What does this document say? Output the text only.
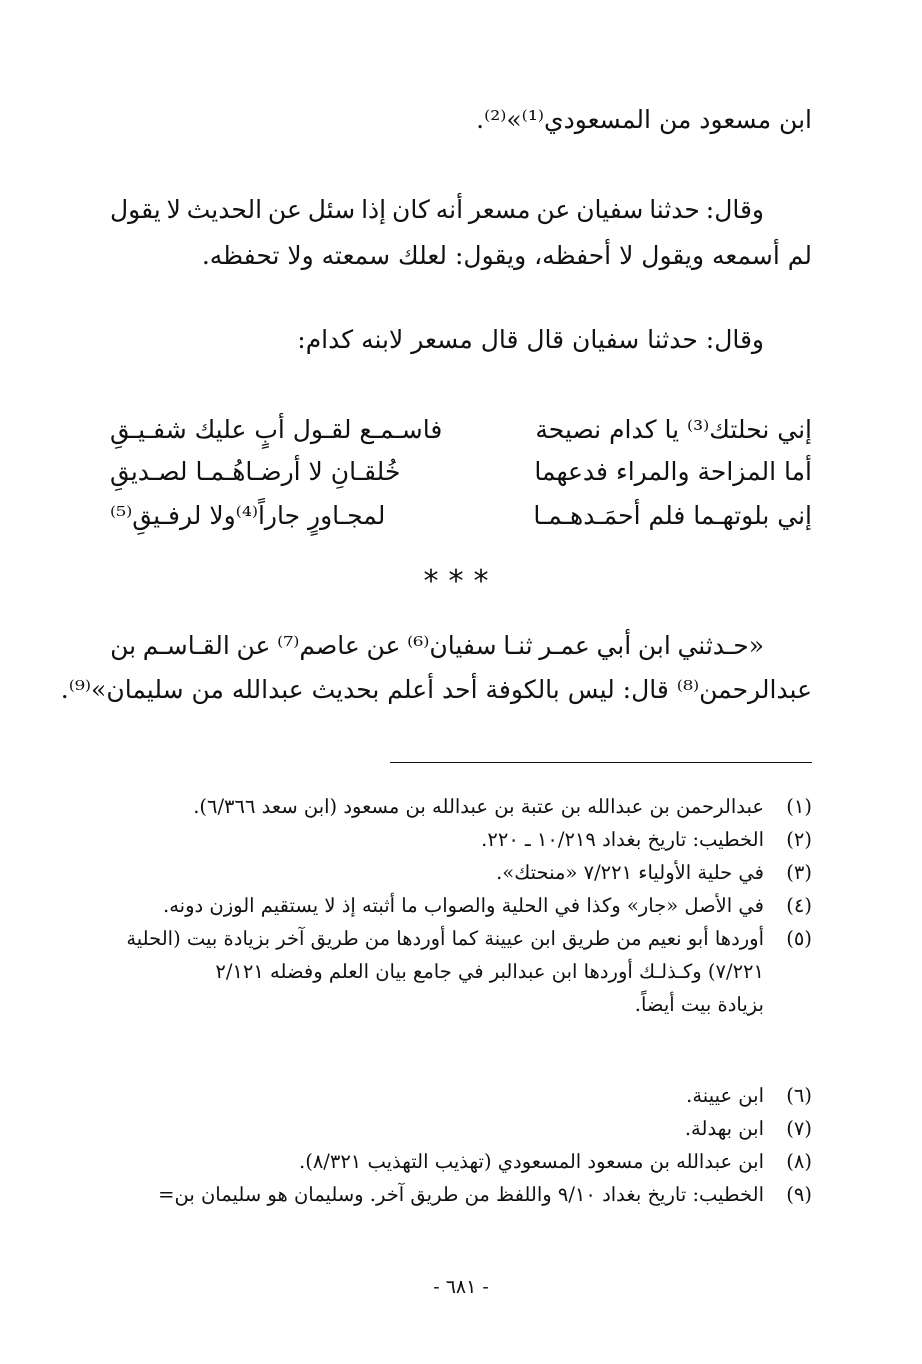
ابن مسعود من المسعودي⁽¹⁾»⁽²⁾.
وقال:
حدثنا
سفيان
عن
مسعر
أنه
كان
إذا
سئل
عن
الحديث
لا
يقول
لم أسمعه ويقول لا أحفظه، ويقول: لعلك سمعته ولا تحفظه.
وقال: حدثنا سفيان قال قال مسعر لابنه كدام:
إني نحلتك⁽³⁾ يا كدام نصيحة
فاسـمـع لقـول أبٍ عليك شفـيـقِ
أما المزاحة والمراء فدعهما
خُلقـانِ لا أرضـاهُـمـا لصـديقِ
إني بلوتهـما فلم أحمَـدهـمـا
لمجـاورٍ جاراً⁽⁴⁾ولا لرفـيقِ⁽⁵⁾
***
«حـدثني
ابن
أبي
عمـر
ثنـا
سفيان⁽⁶⁾
عن
عاصم⁽⁷⁾
عن
القـاسـم
بن
عبدالرحمن⁽⁸⁾ قال: ليس بالكوفة أحد أعلم بحديث عبدالله من سليمان»⁽⁹⁾.
(١)عبدالرحمن بن عبدالله بن عتبة بن عبدالله بن مسعود (ابن سعد ٦/٣٦٦).
(٢)الخطيب: تاريخ بغداد ١٠/٢١٩ ـ ٢٢٠.
(٣)في حلية الأولياء ٧/٢٢١ «منحتك».
(٤)في الأصل «جار» وكذا في الحلية والصواب ما أثبته إذ لا يستقيم الوزن دونه.
(٥)أوردها أبو نعيم من طريق ابن عيينة كما أوردها من طريق آخر بزيادة بيت (الحلية
٧/٢٢١) وكـذلـك أوردها ابن عبدالبر في جامع بيان العلم وفضله ٢/١٢١
بزيادة بيت أيضاً.
(٦)ابن عيينة.
(٧)ابن بهدلة.
(٨)ابن عبدالله بن مسعود المسعودي (تهذيب التهذيب ٨/٣٢١).
(٩)الخطيب: تاريخ بغداد ٩/١٠ واللفظ من طريق آخر. وسليمان هو سليمان بن=
- ٦٨١ -
